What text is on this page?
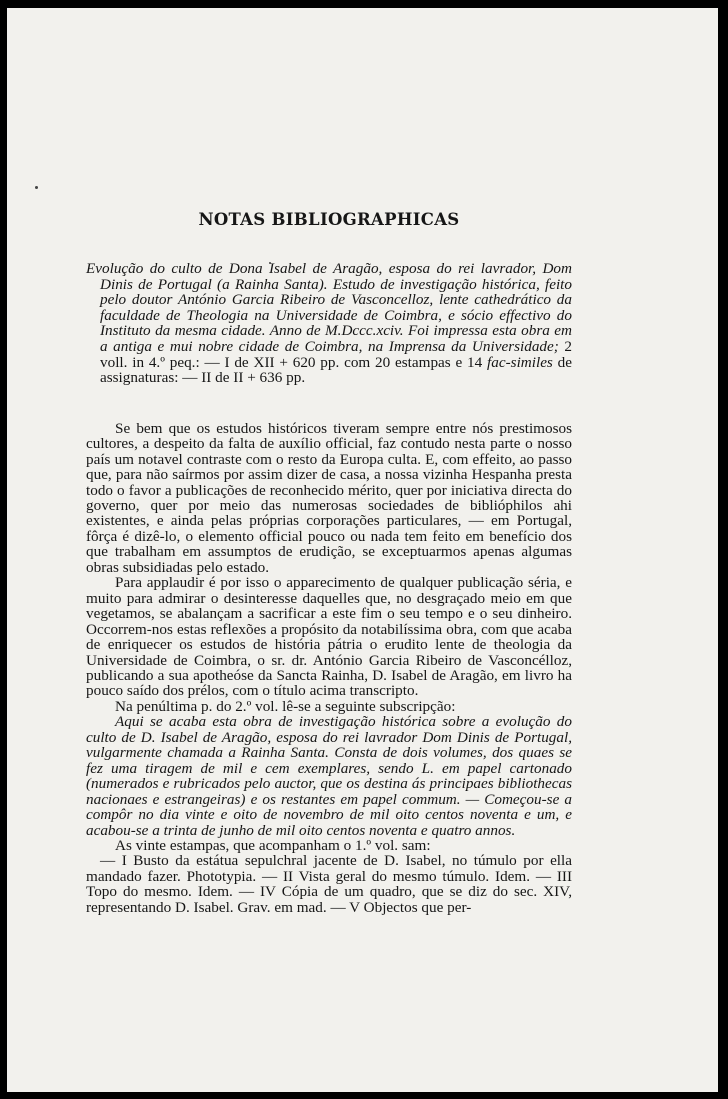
NOTAS BIBLIOGRAPHICAS

Evolução do culto de Dona Isabel de Aragão, esposa do rei lavrador, Dom Dinis de Portugal (a Rainha Santa). Estudo de investigação histórica, feito pelo doutor António Garcia Ribeiro de Vasconcelloz, lente cathedrático da faculdade de Theologia na Universidade de Coimbra, e sócio effectivo do Instituto da mesma cidade. Anno de M.Dccc.xciv. Foi impressa esta obra em a antiga e mui nobre cidade de Coimbra, na Imprensa da Universidade; 2 voll. in 4.º peq.: — I de XII + 620 pp. com 20 estampas e 14 fac-similes de assignaturas: — II de II + 636 pp.

Se bem que os estudos históricos tiveram sempre entre nós prestimosos cultores, a despeito da falta de auxílio official, faz contudo nesta parte o nosso país um notavel contraste com o resto da Europa culta. E, com effeito, ao passo que, para não saírmos por assim dizer de casa, a nossa vizinha Hespanha presta todo o favor a publicações de reconhecido mérito, quer por iniciativa directa do governo, quer por meio das numerosas sociedades de biblióphilos ahi existentes, e ainda pelas próprias corporações particulares, — em Portugal, fôrça é dizê-lo, o elemento official pouco ou nada tem feito em benefício dos que trabalham em assumptos de erudição, se exceptuarmos apenas algumas obras subsidiadas pelo estado.

Para applaudir é por isso o apparecimento de qualquer publicação séria, e muito para admirar o desinteresse daquelles que, no desgraçado meio em que vegetamos, se abalançam a sacrificar a este fim o seu tempo e o seu dinheiro. Occorrem-nos estas reflexões a propósito da notabilíssima obra, com que acaba de enriquecer os estudos de história pátria o erudito lente de theologia da Universidade de Coimbra, o sr. dr. António Garcia Ribeiro de Vasconcélloz, publicando a sua apotheóse da Sancta Rainha, D. Isabel de Aragão, em livro ha pouco saído dos prélos, com o título acima transcripto.

Na penúltima p. do 2.º vol. lê-se a seguinte subscripção:

Aqui se acaba esta obra de investigação histórica sobre a evolução do culto de D. Isabel de Aragão, esposa do rei lavrador Dom Dinis de Portugal, vulgarmente chamada a Rainha Santa. Consta de dois volumes, dos quaes se fez uma tiragem de mil e cem exemplares, sendo L. em papel cartonado (numerados e rubricados pelo auctor, que os destina ás principaes bibliothecas nacionaes e estrangeiras) e os restantes em papel commum. — Começou-se a compôr no dia vinte e oito de novembro de mil oito centos noventa e um, e acabou-se a trinta de junho de mil oito centos noventa e quatro annos.

As vinte estampas, que acompanham o 1.º vol. sam:

— I Busto da estátua sepulchral jacente de D. Isabel, no túmulo por ella mandado fazer. Phototypia. — II Vista geral do mesmo túmulo. Idem. — III Topo do mesmo. Idem. — IV Cópia de um quadro, que se diz do sec. XIV, representando D. Isabel. Grav. em mad. — V Objectos que per-
